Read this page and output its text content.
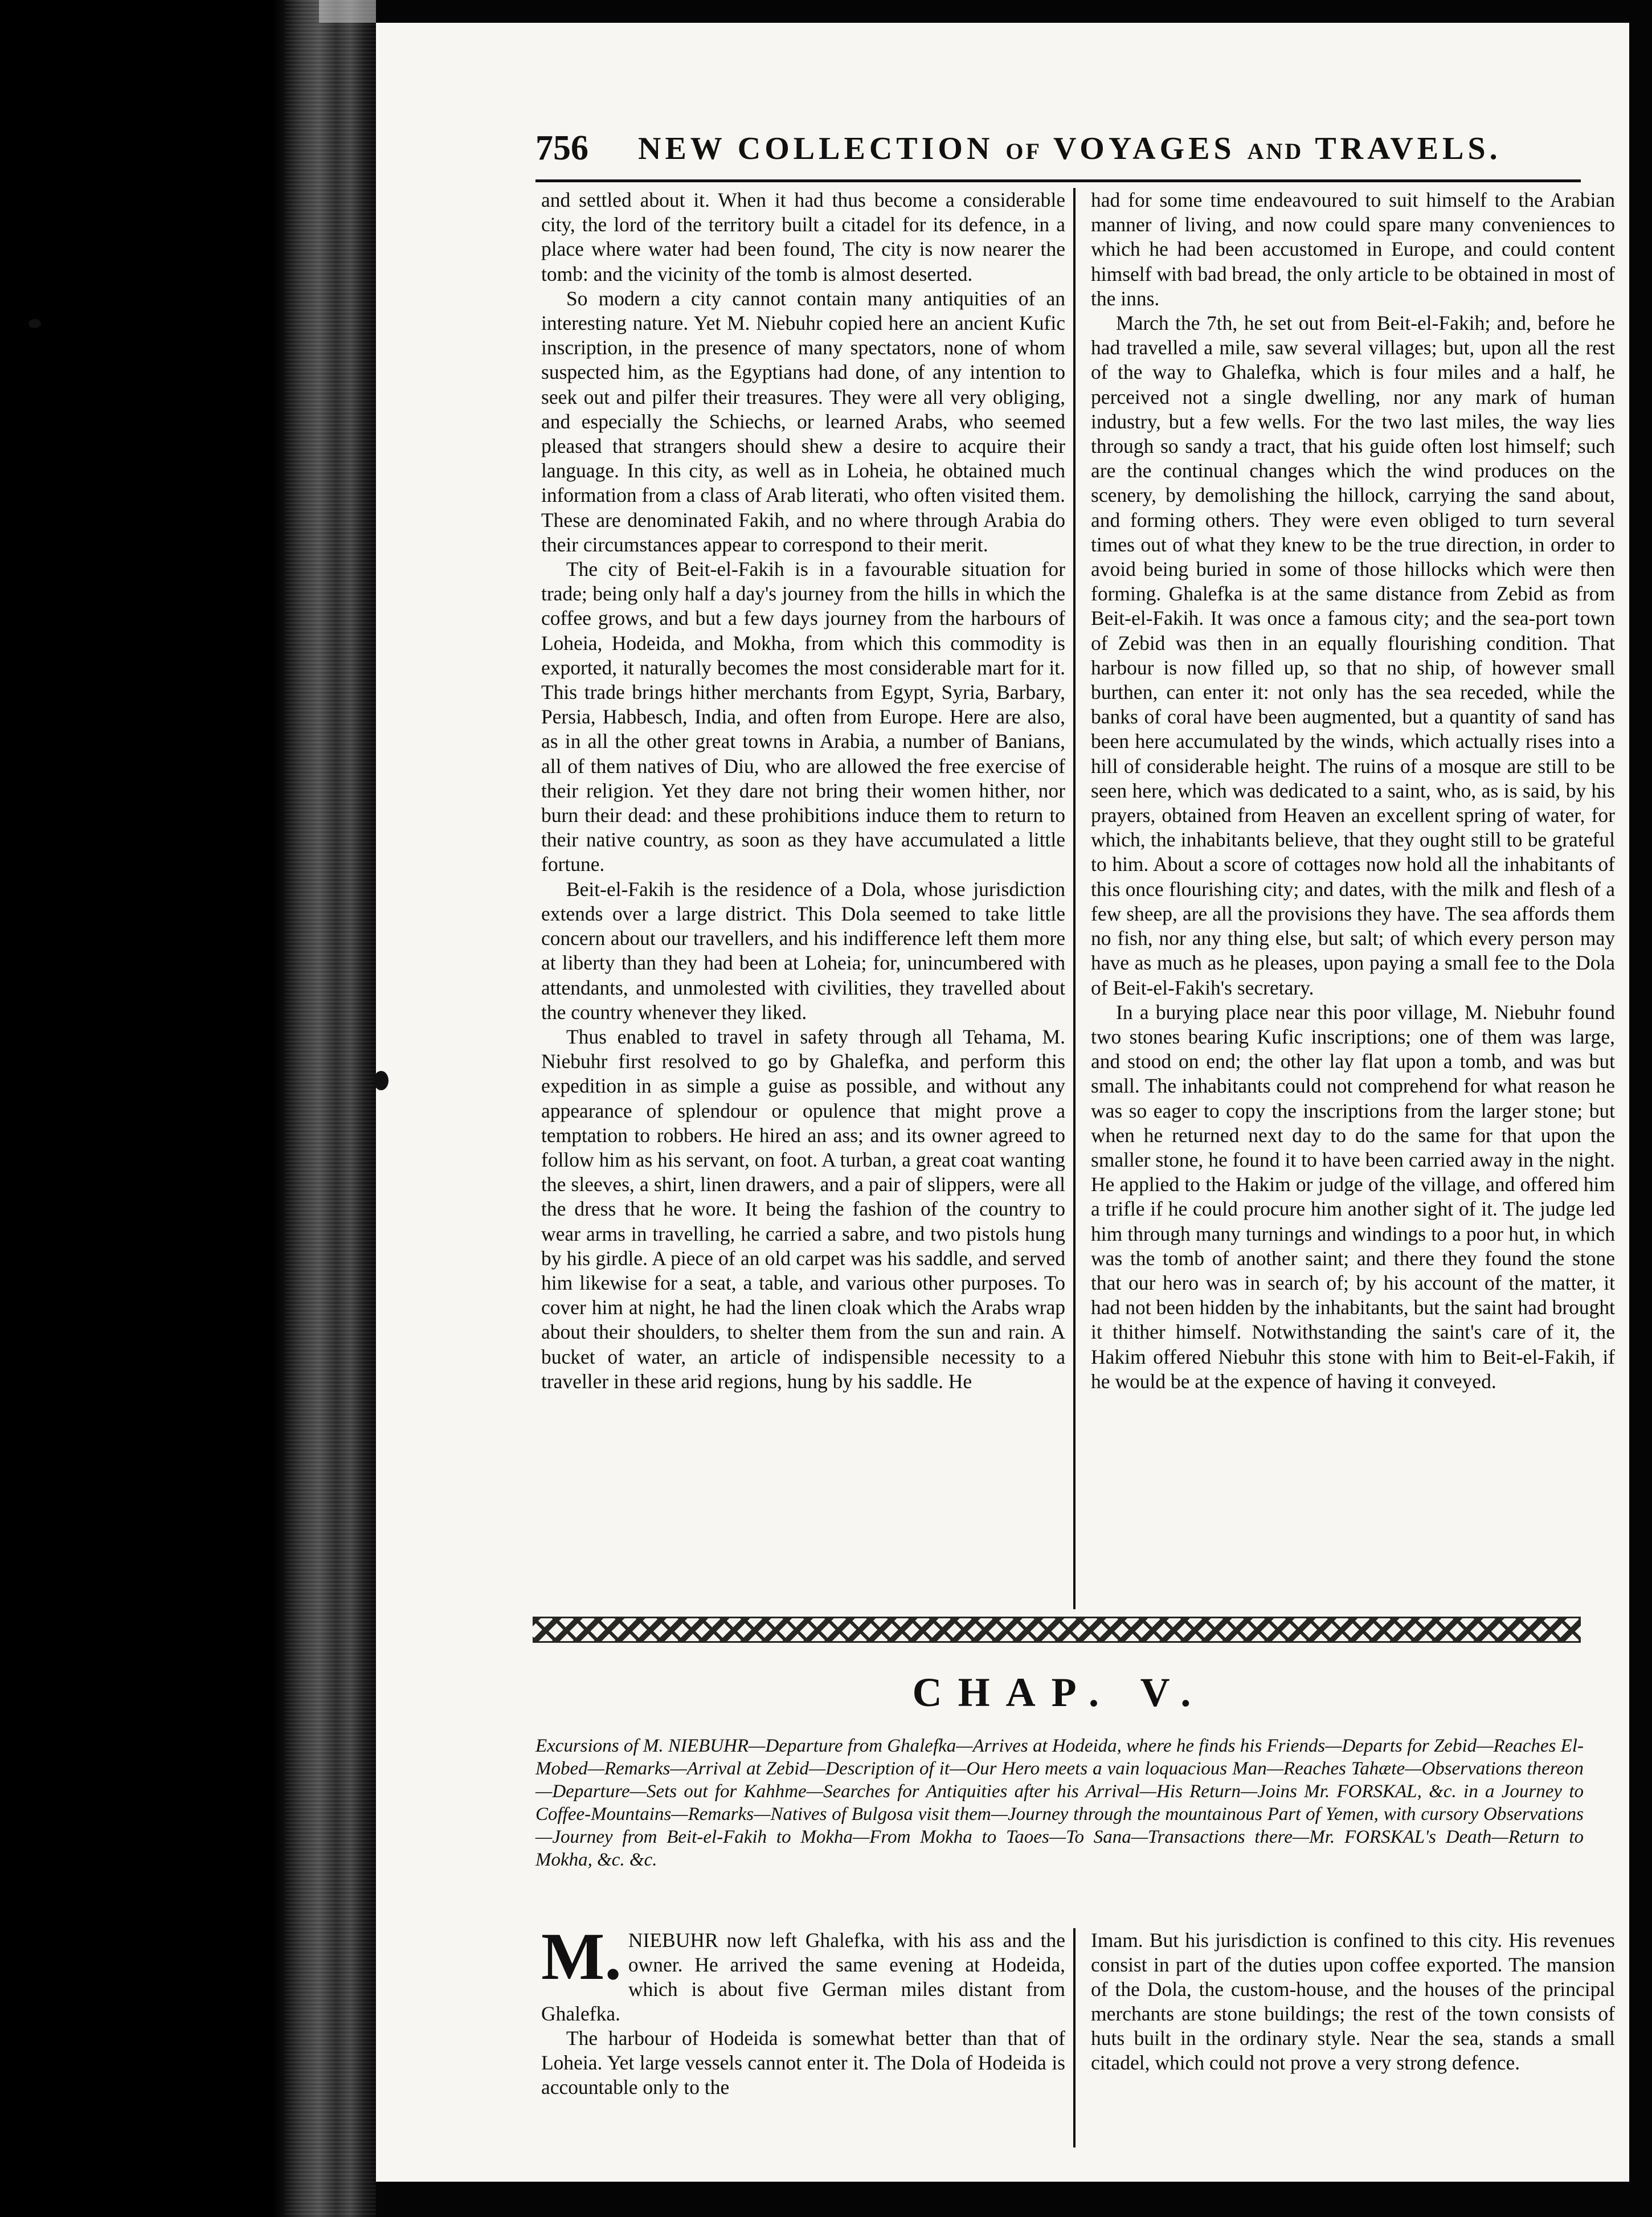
756 NEW COLLECTION OF VOYAGES AND TRAVELS.

and settled about it. When it had thus become a considerable city, the lord of the territory built a citadel for its defence, in a place where water had been found, The city is now nearer the tomb: and the vicinity of the tomb is almost deserted.

So modern a city cannot contain many antiquities of an interesting nature. Yet M. Niebuhr copied here an ancient Kufic inscription, in the presence of many spectators, none of whom suspected him, as the Egyptians had done, of any intention to seek out and pilfer their treasures. They were all very obliging, and especially the Schiechs, or learned Arabs, who seemed pleased that strangers should shew a desire to acquire their language. In this city, as well as in Loheia, he obtained much information from a class of Arab literati, who often visited them. These are denominated Fakih, and no where through Arabia do their circumstances appear to correspond to their merit.

The city of Beit-el-Fakih is in a favourable situation for trade; being only half a day's journey from the hills in which the coffee grows, and but a few days journey from the harbours of Loheia, Hodeida, and Mokha, from which this commodity is exported, it naturally becomes the most considerable mart for it. This trade brings hither merchants from Egypt, Syria, Barbary, Persia, Habbesch, India, and often from Europe. Here are also, as in all the other great towns in Arabia, a number of Banians, all of them natives of Diu, who are allowed the free exercise of their religion. Yet they dare not bring their women hither, nor burn their dead: and these prohibitions induce them to return to their native country, as soon as they have accumulated a little fortune.

Beit-el-Fakih is the residence of a Dola, whose jurisdiction extends over a large district. This Dola seemed to take little concern about our travellers, and his indifference left them more at liberty than they had been at Loheia; for, unincumbered with attendants, and unmolested with civilities, they travelled about the country whenever they liked.

Thus enabled to travel in safety through all Tehama, M. Niebuhr first resolved to go by Ghalefka, and perform this expedition in as simple a guise as possible, and without any appearance of splendour or opulence that might prove a temptation to robbers. He hired an ass; and its owner agreed to follow him as his servant, on foot. A turban, a great coat wanting the sleeves, a shirt, linen drawers, and a pair of slippers, were all the dress that he wore. It being the fashion of the country to wear arms in travelling, he carried a sabre, and two pistols hung by his girdle. A piece of an old carpet was his saddle, and served him likewise for a seat, a table, and various other purposes. To cover him at night, he had the linen cloak which the Arabs wrap about their shoulders, to shelter them from the sun and rain. A bucket of water, an article of indispensible necessity to a traveller in these arid regions, hung by his saddle. He

had for some time endeavoured to suit himself to the Arabian manner of living, and now could spare many conveniences to which he had been accustomed in Europe, and could content himself with bad bread, the only article to be obtained in most of the inns.

March the 7th, he set out from Beit-el-Fakih; and, before he had travelled a mile, saw several villages; but, upon all the rest of the way to Ghalefka, which is four miles and a half, he perceived not a single dwelling, nor any mark of human industry, but a few wells. For the two last miles, the way lies through so sandy a tract, that his guide often lost himself; such are the continual changes which the wind produces on the scenery, by demolishing the hillock, carrying the sand about, and forming others. They were even obliged to turn several times out of what they knew to be the true direction, in order to avoid being buried in some of those hillocks which were then forming. Ghalefka is at the same distance from Zebid as from Beit-el-Fakih. It was once a famous city; and the sea-port town of Zebid was then in an equally flourishing condition. That harbour is now filled up, so that no ship, of however small burthen, can enter it: not only has the sea receded, while the banks of coral have been augmented, but a quantity of sand has been here accumulated by the winds, which actually rises into a hill of considerable height. The ruins of a mosque are still to be seen here, which was dedicated to a saint, who, as is said, by his prayers, obtained from Heaven an excellent spring of water, for which, the inhabitants believe, that they ought still to be grateful to him. About a score of cottages now hold all the inhabitants of this once flourishing city; and dates, with the milk and flesh of a few sheep, are all the provisions they have. The sea affords them no fish, nor any thing else, but salt; of which every person may have as much as he pleases, upon paying a small fee to the Dola of Beit-el-Fakih's secretary.

In a burying place near this poor village, M. Niebuhr found two stones bearing Kufic inscriptions; one of them was large, and stood on end; the other lay flat upon a tomb, and was but small. The inhabitants could not comprehend for what reason he was so eager to copy the inscriptions from the larger stone; but when he returned next day to do the same for that upon the smaller stone, he found it to have been carried away in the night. He applied to the Hakim or judge of the village, and offered him a trifle if he could procure him another sight of it. The judge led him through many turnings and windings to a poor hut, in which was the tomb of another saint; and there they found the stone that our hero was in search of; by his account of the matter, it had not been hidden by the inhabitants, but the saint had brought it thither himself. Notwithstanding the saint's care of it, the Hakim offered Niebuhr this stone with him to Beit-el-Fakih, if he would be at the expence of having it conveyed.

CHAP. V.
Excursions of M. NIEBUHR—Departure from Ghalefka—Arrives at Hodeida, where he finds his Friends—Departs for Zebid—Reaches El-Mobed—Remarks—Arrival at Zebid—Description of it—Our Hero meets a vain loquacious Man—Reaches Tahæte—Observations thereon—Departure—Sets out for Kahhme—Searches for Antiquities after his Arrival—His Return—Joins Mr. FORSKAL, &c. in a Journey to Coffee-Mountains—Remarks—Natives of Bulgosa visit them—Journey through the mountainous Part of Yemen, with cursory Observations—Journey from Beit-el-Fakih to Mokha—From Mokha to Taoes—To Sana—Transactions there—Mr. FORSKAL's Death—Return to Mokha, &c. &c.

M. NIEBUHR now left Ghalefka, with his ass and the owner. He arrived the same evening at Hodeida, which is about five German miles distant from Ghalefka.

The harbour of Hodeida is somewhat better than that of Loheia. Yet large vessels cannot enter it. The Dola of Hodeida is accountable only to the

Imam. But his jurisdiction is confined to this city. His revenues consist in part of the duties upon coffee exported. The mansion of the Dola, the custom-house, and the houses of the principal merchants are stone buildings; the rest of the town consists of huts built in the ordinary style. Near the sea, stands a small citadel, which could not prove a very strong defence.
